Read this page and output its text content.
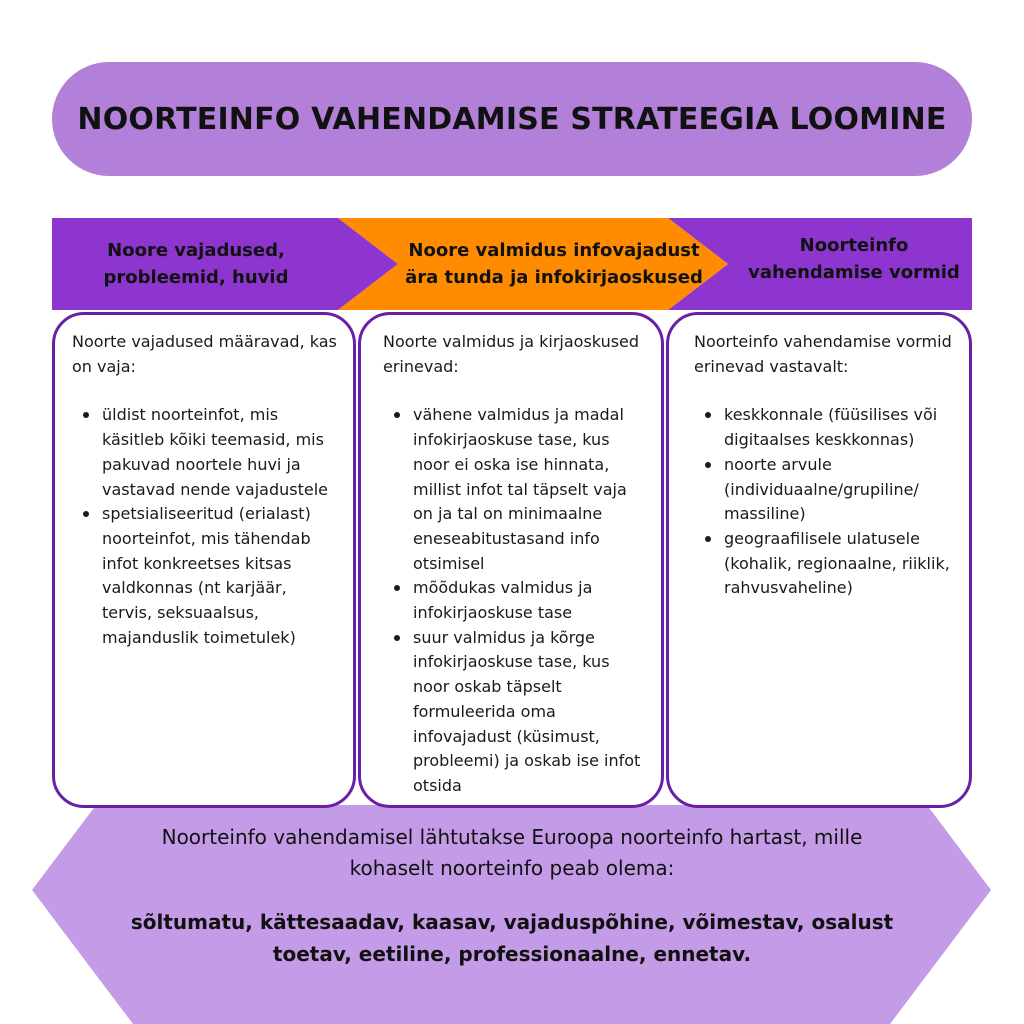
NOORTEINFO VAHENDAMISE STRATEEGIA LOOMINE
Noore vajadused, probleemid, huvid
Noore valmidus infovajadust ära tunda ja infokirjaoskused
Noorteinfo vahendamise vormid

Noorte vajadused määravad, kas on vaja:

üldist noorteinfot, mis käsitleb kõiki teemasid, mis pakuvad noortele huvi ja vastavad nende vajadustele
spetsialiseeritud (erialast) noorteinfot, mis tähendab infot konkreetses kitsas valdkonnas (nt karjäär, tervis, seksuaalsus, majanduslik toimetulek)

Noorte valmidus ja kirjaoskused erinevad:

vähene valmidus ja madal infokirjaoskuse tase, kus noor ei oska ise hinnata, millist infot tal täpselt vaja on ja tal on minimaalne eneseabitustasand info otsimisel
mõõdukas valmidus ja infokirjaoskuse tase
suur valmidus ja kõrge infokirjaoskuse tase, kus noor oskab täpselt formuleerida oma infovajadust (küsimust, probleemi) ja oskab ise infot otsida

Noorteinfo vahendamise vormid erinevad vastavalt:

keskkonnale (füüsilises või digitaalses keskkonnas)
noorte arvule (individuaalne/grupiline/ massiline)
geograafilisele ulatusele (kohalik, regionaalne, riiklik, rahvusvaheline)

Noorteinfo vahendamisel lähtutakse Euroopa noorteinfo hartast, mille kohaselt noorteinfo peab olema:

sõltumatu, kättesaadav, kaasav, vajaduspõhine, võimestav, osalust toetav, eetiline, professionaalne, ennetav.
